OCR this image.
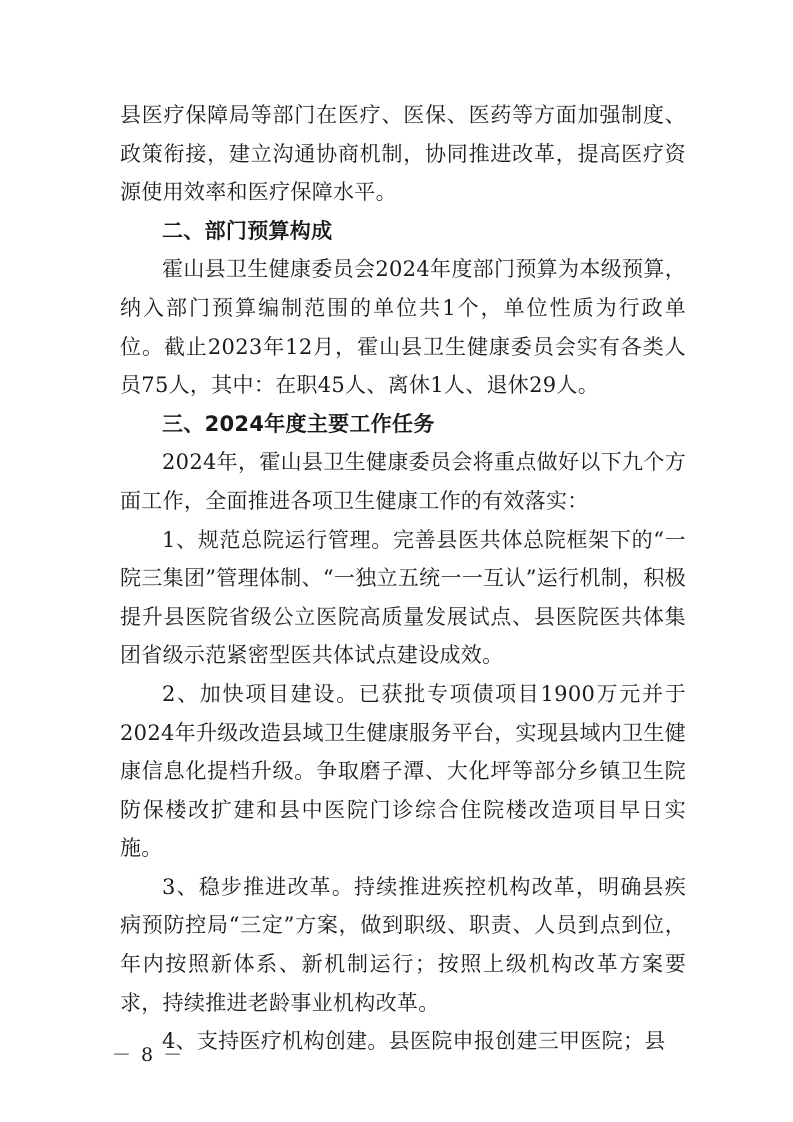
县医疗保障局等部门在医疗、医保、医药等方面加强制度、政策衔接，建立沟通协商机制，协同推进改革，提高医疗资源使用效率和医疗保障水平。

二、部门预算构成

霍山县卫生健康委员会2024年度部门预算为本级预算，纳入部门预算编制范围的单位共1个，单位性质为行政单位。截止2023年12月，霍山县卫生健康委员会实有各类人员75人，其中：在职45人、离休1人、退休29人。

三、2024年度主要工作任务

2024年，霍山县卫生健康委员会将重点做好以下九个方面工作，全面推进各项卫生健康工作的有效落实：

1、规范总院运行管理。完善县医共体总院框架下的“一院三集团”管理体制、“一独立五统一一互认”运行机制，积极提升县医院省级公立医院高质量发展试点、县医院医共体集团省级示范紧密型医共体试点建设成效。

2、加快项目建设。已获批专项债项目1900万元并于2024年升级改造县域卫生健康服务平台，实现县域内卫生健康信息化提档升级。争取磨子潭、大化坪等部分乡镇卫生院防保楼改扩建和县中医院门诊综合住院楼改造项目早日实施。

3、稳步推进改革。持续推进疾控机构改革，明确县疾病预防控局“三定”方案，做到职级、职责、人员到点到位，年内按照新体系、新机制运行；按照上级机构改革方案要求，持续推进老龄事业机构改革。

4、支持医疗机构创建。县医院申报创建三甲医院；县

－ 8 －
